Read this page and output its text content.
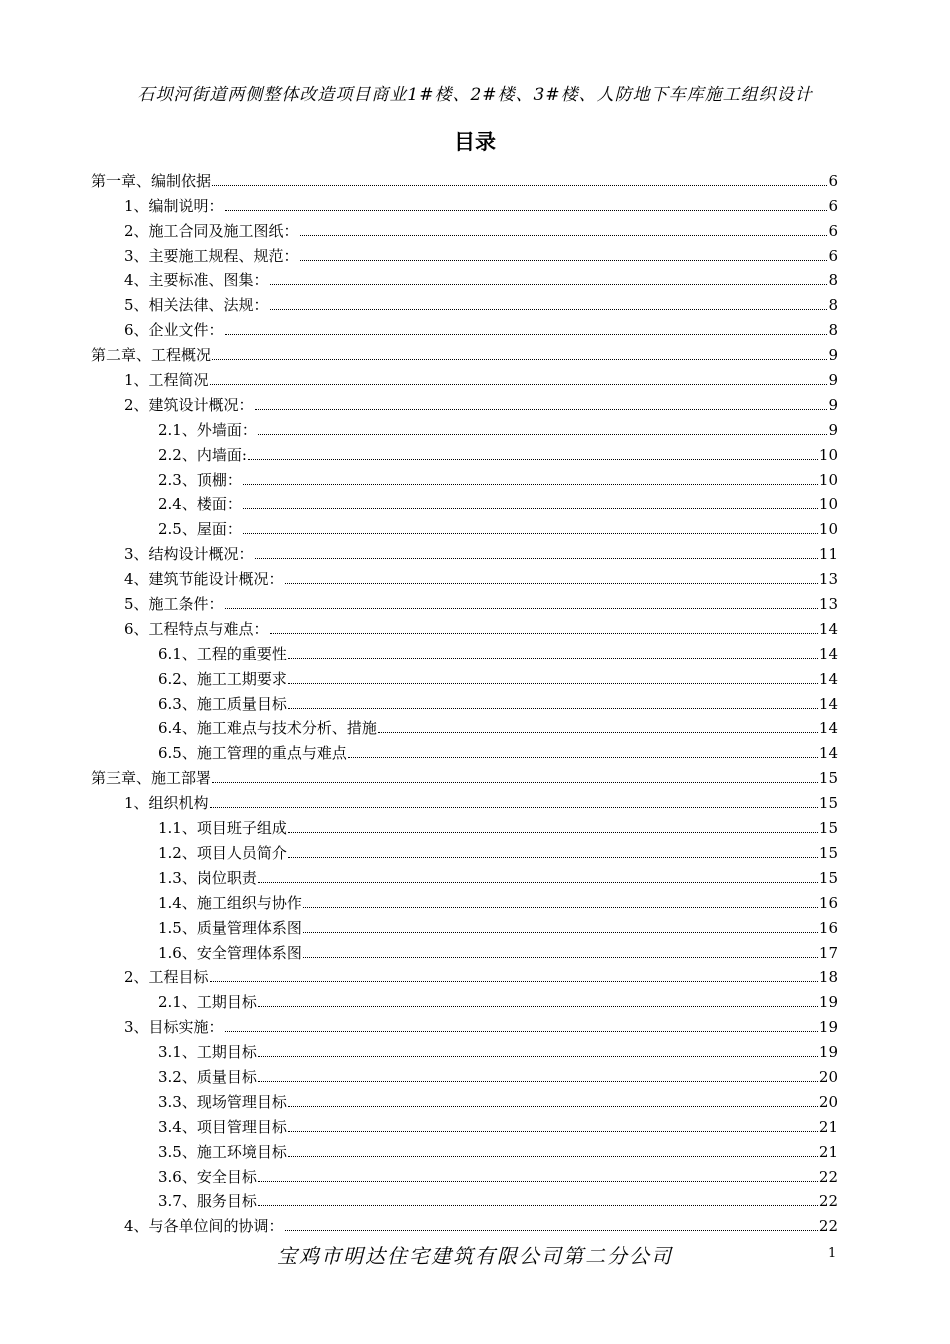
石坝河街道两侧整体改造项目商业1#楼、2#楼、3#楼、人防地下车库施工组织设计
目录
第一章、编制依据	6
1、编制说明：	6
2、施工合同及施工图纸：	6
3、主要施工规程、规范：	6
4、主要标准、图集：	8
5、相关法律、法规：	8
6、企业文件：	8
第二章、工程概况	9
1、工程简况	9
2、建筑设计概况：	9
2.1、外墙面：	9
2.2、内墙面:	10
2.3、顶棚：	10
2.4、楼面：	10
2.5、屋面：	10
3、结构设计概况：	11
4、建筑节能设计概况：	13
5、施工条件：	13
6、工程特点与难点：	14
6.1、工程的重要性	14
6.2、施工工期要求	14
6.3、施工质量目标	14
6.4、施工难点与技术分析、措施	14
6.5、施工管理的重点与难点	14
第三章、施工部署	15
1、组织机构	15
1.1、项目班子组成	15
1.2、项目人员简介	15
1.3、岗位职责	15
1.4、施工组织与协作	16
1.5、质量管理体系图	16
1.6、安全管理体系图	17
2、工程目标	18
2.1、工期目标	19
3、目标实施：	19
3.1、工期目标	19
3.2、质量目标	20
3.3、现场管理目标	20
3.4、项目管理目标	21
3.5、施工环境目标	21
3.6、安全目标	22
3.7、服务目标	22
4、与各单位间的协调：	22
宝鸡市明达住宅建筑有限公司第二分公司	1
